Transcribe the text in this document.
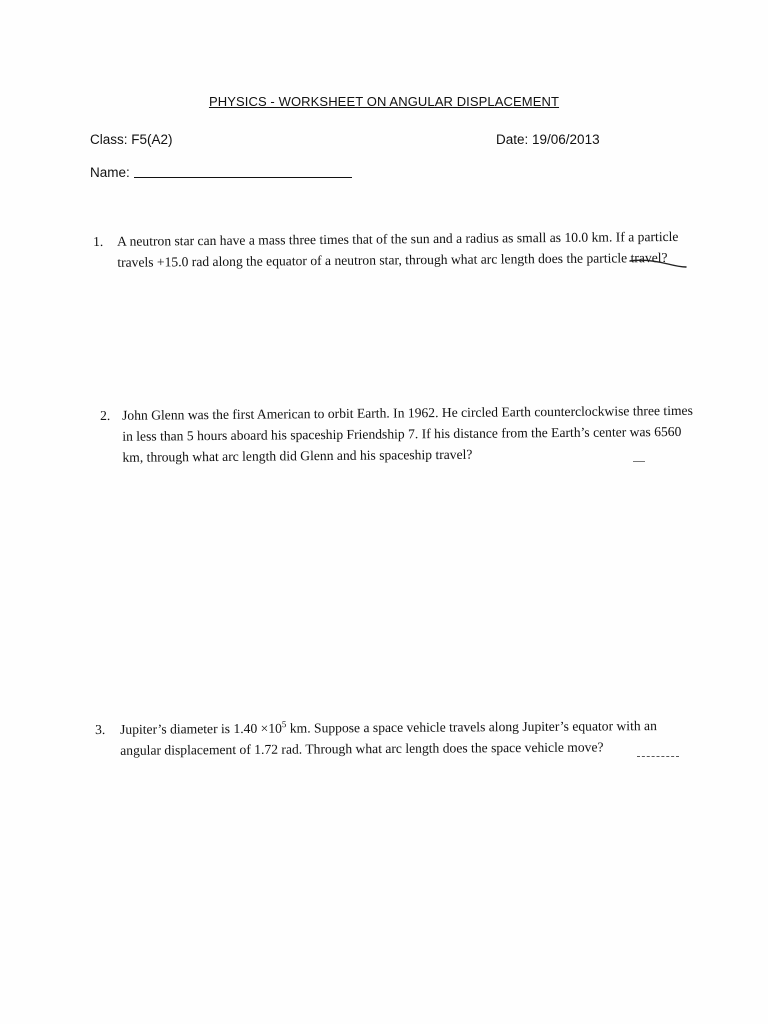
PHYSICS - WORKSHEET ON ANGULAR DISPLACEMENT
Class: F5(A2)	Date: 19/06/2013
Name:
1. A neutron star can have a mass three times that of the sun and a radius as small as 10.0 km. If a particle
travels +15.0 rad along the equator of a neutron star, through what arc length does the particle travel?
2. John Glenn was the first American to orbit Earth. In 1962. He circled Earth counterclockwise three times
in less than 5 hours aboard his spaceship Friendship 7. If his distance from the Earth’s center was 6560
km, through what arc length did Glenn and his spaceship travel?
3. Jupiter’s diameter is $1.40 \times 10^5$ km. Suppose a space vehicle travels along Jupiter’s equator with an
angular displacement of 1.72 rad. Through what arc length does the space vehicle move?
